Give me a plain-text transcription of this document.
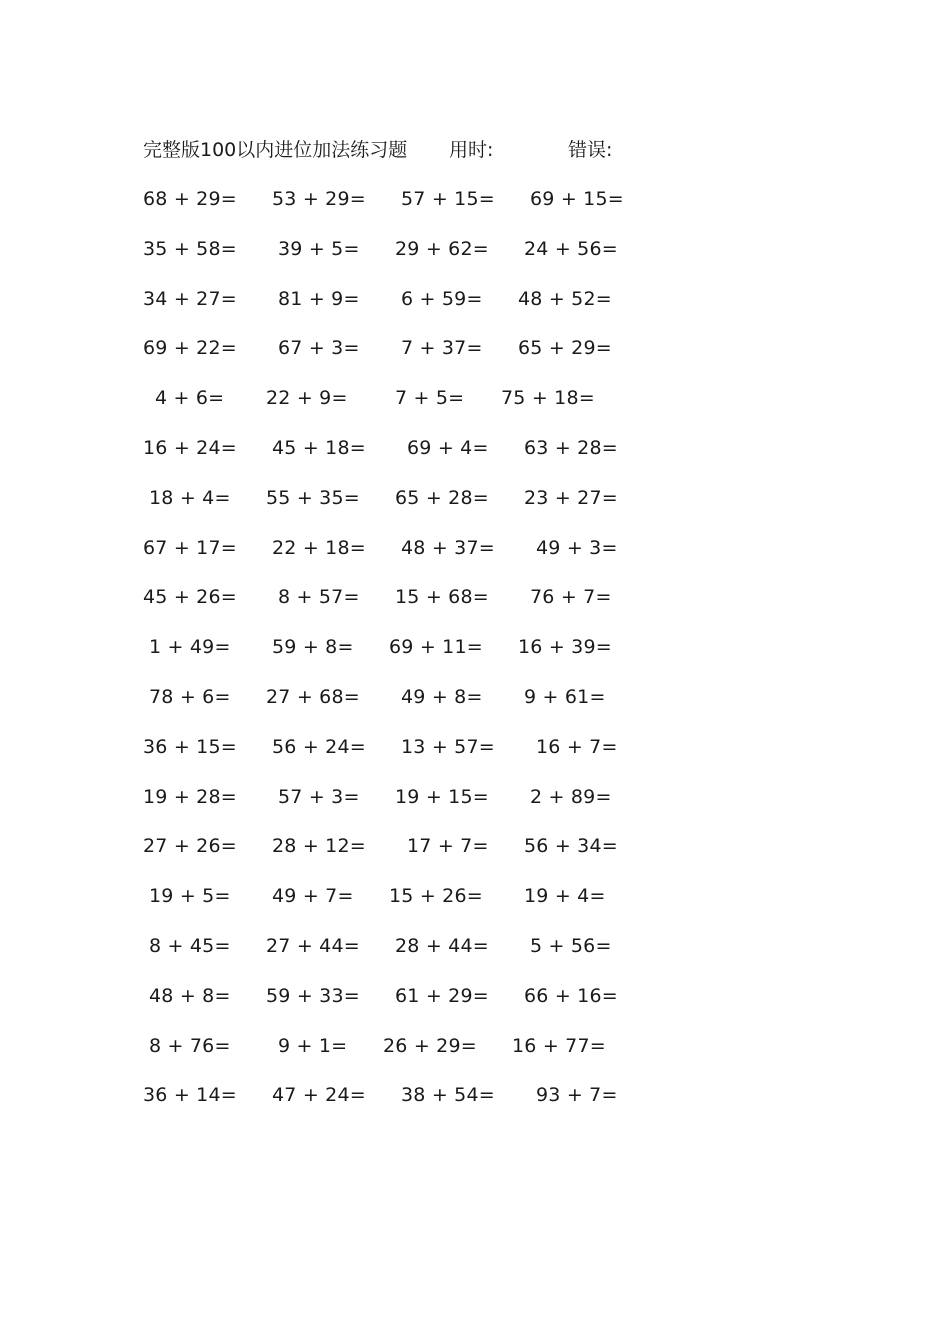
完整版100以内进位加法练习题 用时:	错误:
68 + 29= 53 + 29= 57 + 15= 69 + 15=
35 + 58= 39 + 5= 29 + 62= 24 + 56=
34 + 27= 81 + 9= 6 + 59= 48 + 52=
69 + 22= 67 + 3= 7 + 37= 65 + 29=
4 + 6= 22 + 9= 7 + 5= 75 + 18=
16 + 24= 45 + 18= 69 + 4= 63 + 28=
18 + 4= 55 + 35= 65 + 28= 23 + 27=
67 + 17= 22 + 18= 48 + 37= 49 + 3=
45 + 26= 8 + 57= 15 + 68= 76 + 7=
1 + 49= 59 + 8= 69 + 11= 16 + 39=
78 + 6= 27 + 68= 49 + 8= 9 + 61=
36 + 15= 56 + 24= 13 + 57= 16 + 7=
19 + 28= 57 + 3= 19 + 15= 2 + 89=
27 + 26= 28 + 12= 17 + 7= 56 + 34=
19 + 5= 49 + 7= 15 + 26= 19 + 4=
8 + 45= 27 + 44= 28 + 44= 5 + 56=
48 + 8= 59 + 33= 61 + 29= 66 + 16=
8 + 76= 9 + 1= 26 + 29= 16 + 77=
36 + 14= 47 + 24= 38 + 54= 93 + 7=
